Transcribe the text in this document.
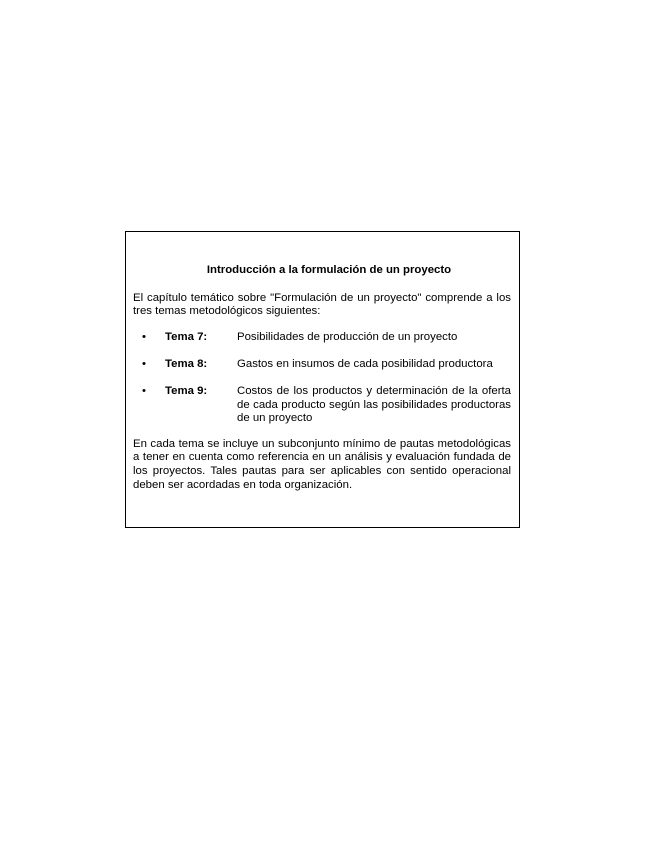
Introducción a la formulación de un proyecto

El capítulo temático sobre "Formulación de un proyecto" comprende a los tres temas metodológicos siguientes:

•	Tema 7:	Posibilidades de producción de un proyecto
•	Tema 8:	Gastos en insumos de cada posibilidad productora
•	Tema 9:	Costos de los productos y determinación de la oferta de cada producto según las posibilidades productoras de un proyecto

En cada tema se incluye un subconjunto mínimo de pautas metodológicas a tener en cuenta como referencia en un análisis y evaluación fundada de los proyectos. Tales pautas para ser aplicables con sentido operacional deben ser acordadas en toda organización.
